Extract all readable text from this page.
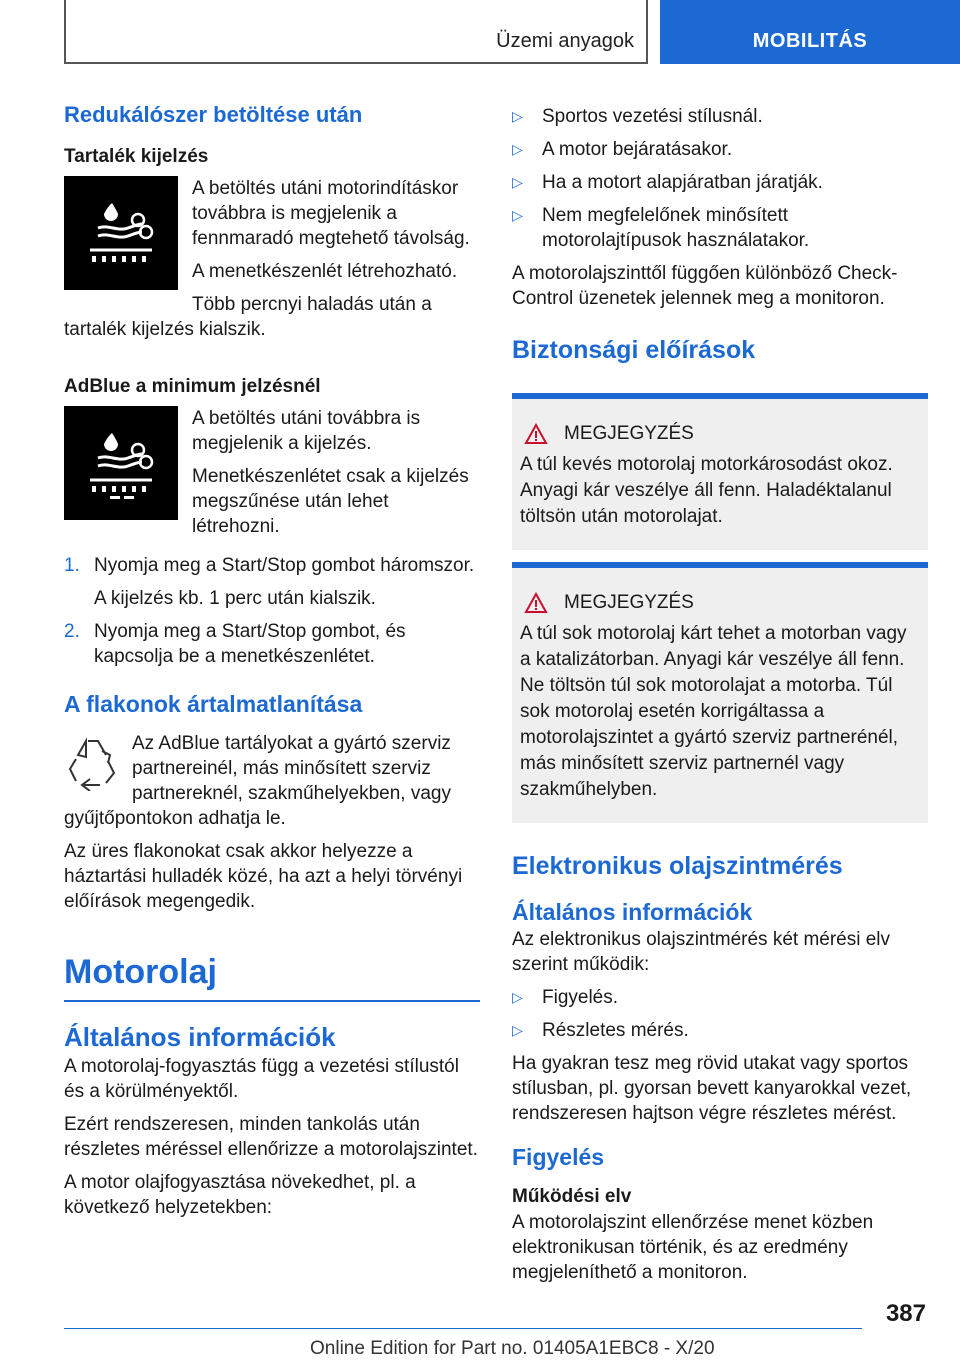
Üzemi anyagok	MOBILITÁS
Redukálószer betöltése után
Tartalék kijelzés

A betöltés utáni motorindításkor továbbra is megjelenik a fennmaradó megtehető távolság.

A menetkészenlét létrehozható.

Több percnyi haladás után a tartalék kijelzés kialszik.

AdBlue a minimum jelzésnél

A betöltés utáni továbbra is megjelenik a kijelzés.

Menetkészenlétet csak a kijelzés megszűnése után lehet létrehozni.

1. Nyomja meg a Start/Stop gombot háromszor.

A kijelzés kb. 1 perc után kialszik.

2. Nyomja meg a Start/Stop gombot, és kapcsolja be a menetkészenlétet.
A flakonok ártalmatlanítása

Az AdBlue tartályokat a gyártó szerviz partnereinél, más minősített szerviz partnereknél, szakműhelyekben, vagy gyűjtőpontokon adhatja le.

Az üres flakonokat csak akkor helyezze a háztartási hulladék közé, ha azt a helyi törvényi előírások megengedik.

Motorolaj
Általános információk

A motorolaj-fogyasztás függ a vezetési stílustól és a körülményektől.

Ezért rendszeresen, minden tankolás után részletes méréssel ellenőrizze a motorolajszintet.

A motor olajfogyasztása növekedhet, pl. a következő helyzetekben:

▷	Sportos vezetési stílusnál.
▷	A motor bejáratásakor.
▷	Ha a motort alapjáratban járatják.
▷	Nem megfelelőnek minősített motorolajtípusok használatakor.

A motorolajszinttől függően különböző Check-Control üzenetek jelennek meg a monitoron.

Biztonsági előírások
MEGJEGYZÉS

A túl kevés motorolaj motorkárosodást okoz. Anyagi kár veszélye áll fenn. Haladéktalanul töltsön után motorolajat.

MEGJEGYZÉS

A túl sok motorolaj kárt tehet a motorban vagy a katalizátorban. Anyagi kár veszélye áll fenn. Ne töltsön túl sok motorolajat a motorba. Túl sok motorolaj esetén korrigáltassa a motorolajszintet a gyártó szerviz partnerénél, más minősített szerviz partnernél vagy szakműhelyben.

Elektronikus olajszintmérés
Általános információk

Az elektronikus olajszintmérés két mérési elv szerint működik:

▷	Figyelés.
▷	Részletes mérés.

Ha gyakran tesz meg rövid utakat vagy sportos stílusban, pl. gyorsan bevett kanyarokkal vezet, rendszeresen hajtson végre részletes mérést.

Figyelés
Működési elv

A motorolajszint ellenőrzése menet közben elektronikusan történik, és az eredmény megjeleníthető a monitoron.

387
Online Edition for Part no. 01405A1EBC8 - X/20
